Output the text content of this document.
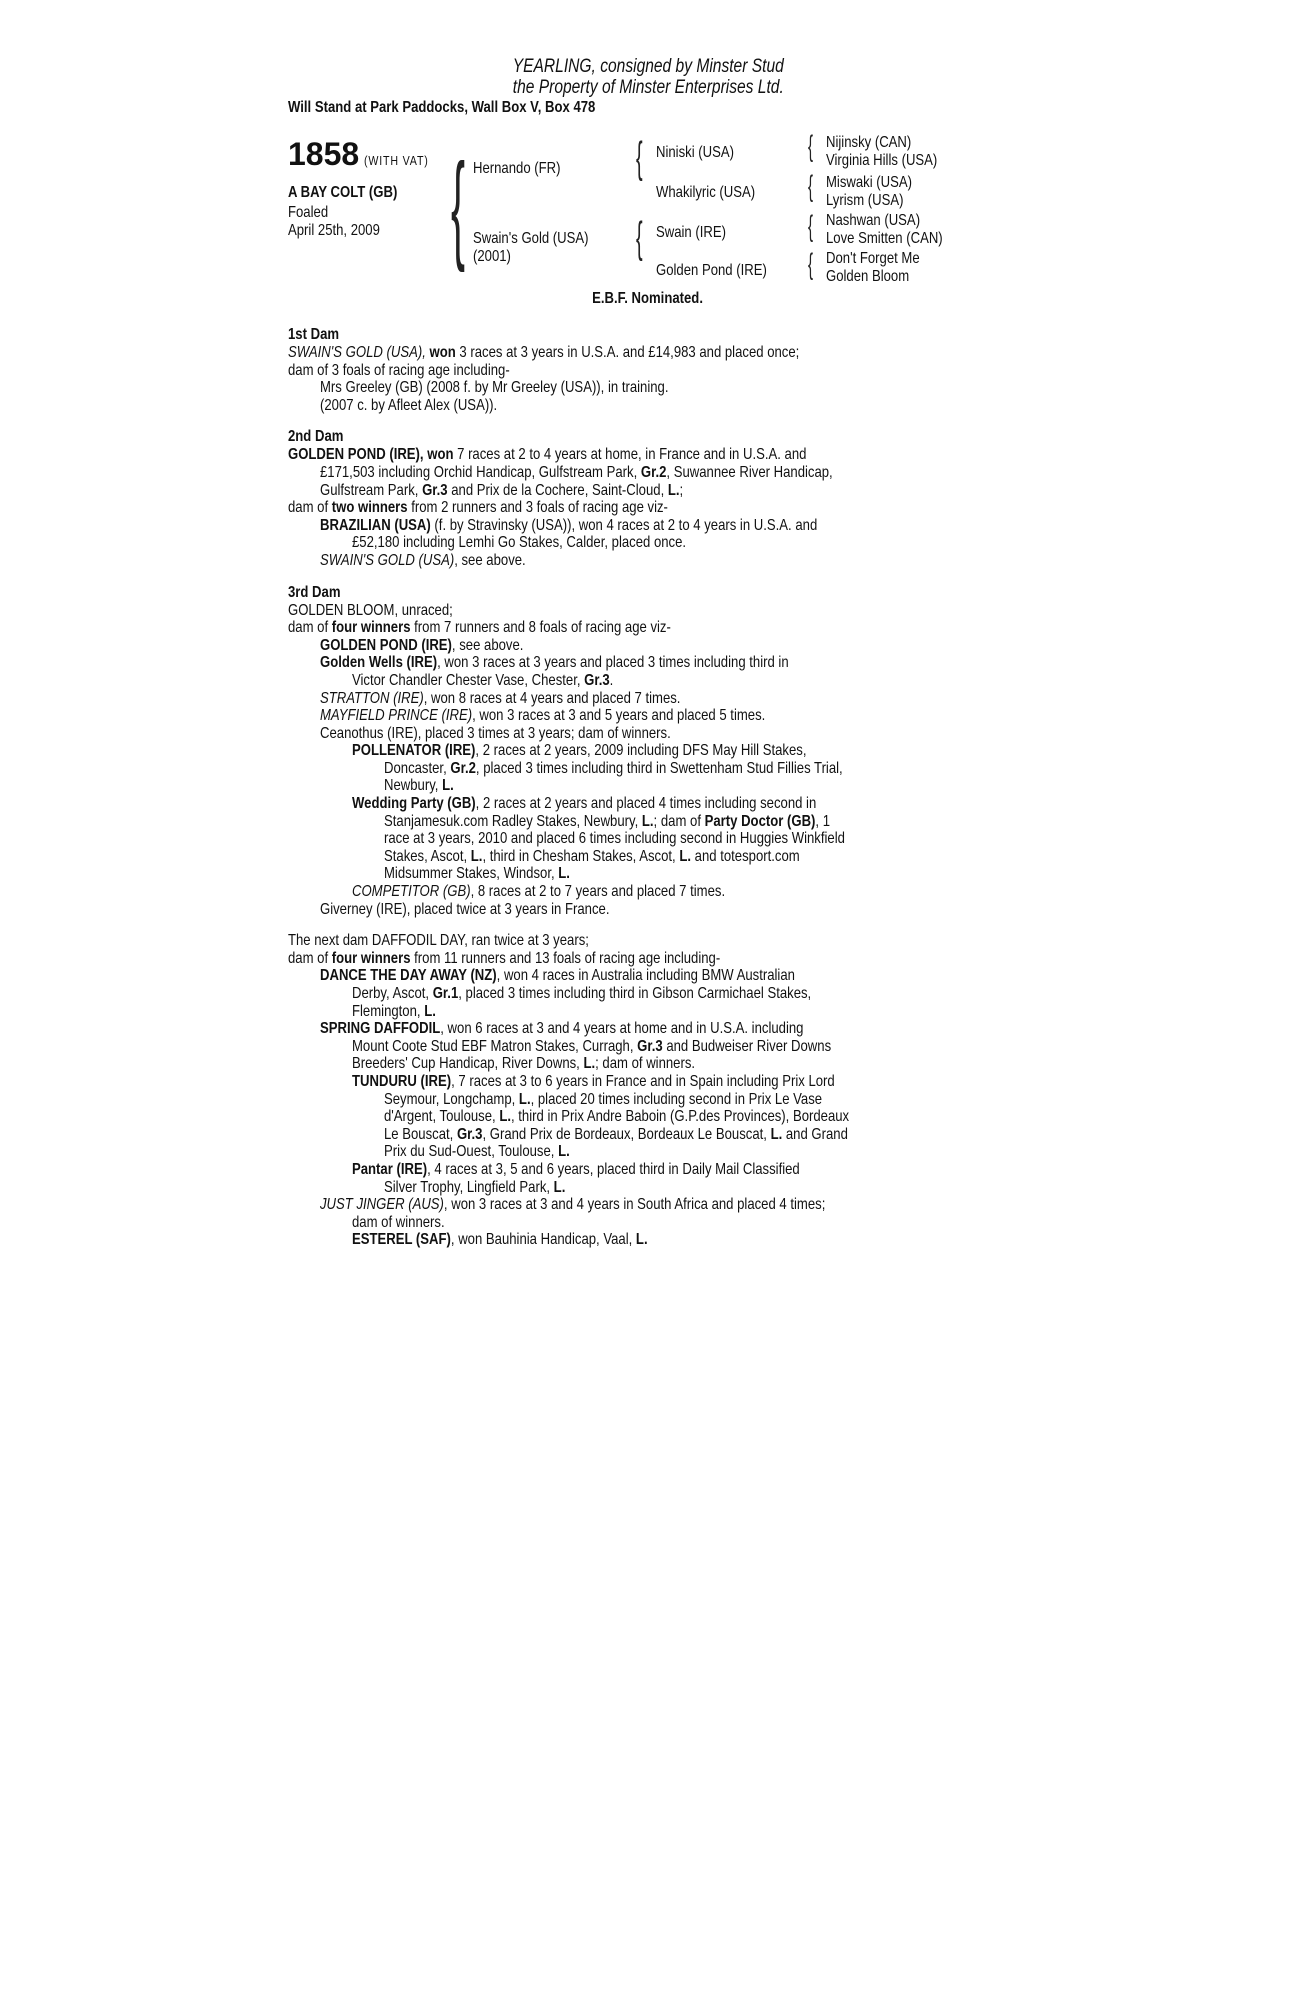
YEARLING, consigned by Minster Stud
the Property of Minster Enterprises Ltd.
Will Stand at Park Paddocks, Wall Box V, Box 478
1858 (WITH VAT)
A BAY COLT (GB)
Foaled
April 25th, 2009 { Hernando (FR)
Swain's Gold (USA)
(2001)
{
{
Niniski (USA)
Whakilyric (USA)
Swain (IRE)
Golden Pond (IRE)
{
{
{
{
Nijinsky (CAN)
Virginia Hills (USA)
Miswaki (USA)
Lyrism (USA)
Nashwan (USA)
Love Smitten (CAN)
Don't Forget Me
Golden Bloom
E.B.F. Nominated.
1st Dam
SWAIN'S GOLD (USA), won 3 races at 3 years in U.S.A. and £14,983 and placed once;
dam of 3 foals of racing age including-
Mrs Greeley (GB) (2008 f. by Mr Greeley (USA)), in training.
(2007 c. by Afleet Alex (USA)).
2nd Dam
GOLDEN POND (IRE), won 7 races at 2 to 4 years at home, in France and in U.S.A. and
£171,503 including Orchid Handicap, Gulfstream Park, Gr.2, Suwannee River Handicap,
Gulfstream Park, Gr.3 and Prix de la Cochere, Saint-Cloud, L.;
dam of two winners from 2 runners and 3 foals of racing age viz-
BRAZILIAN (USA) (f. by Stravinsky (USA)), won 4 races at 2 to 4 years in U.S.A. and
£52,180 including Lemhi Go Stakes, Calder, placed once.
SWAIN'S GOLD (USA), see above.
3rd Dam
GOLDEN BLOOM, unraced;
dam of four winners from 7 runners and 8 foals of racing age viz-
GOLDEN POND (IRE), see above.
Golden Wells (IRE), won 3 races at 3 years and placed 3 times including third in
Victor Chandler Chester Vase, Chester, Gr.3.
STRATTON (IRE), won 8 races at 4 years and placed 7 times.
MAYFIELD PRINCE (IRE), won 3 races at 3 and 5 years and placed 5 times.
Ceanothus (IRE), placed 3 times at 3 years; dam of winners.
POLLENATOR (IRE), 2 races at 2 years, 2009 including DFS May Hill Stakes,
Doncaster, Gr.2, placed 3 times including third in Swettenham Stud Fillies Trial,
Newbury, L.
Wedding Party (GB), 2 races at 2 years and placed 4 times including second in
Stanjamesuk.com Radley Stakes, Newbury, L.; dam of Party Doctor (GB), 1
race at 3 years, 2010 and placed 6 times including second in Huggies Winkfield
Stakes, Ascot, L., third in Chesham Stakes, Ascot, L. and totesport.com
Midsummer Stakes, Windsor, L.
COMPETITOR (GB), 8 races at 2 to 7 years and placed 7 times.
Giverney (IRE), placed twice at 3 years in France.
The next dam DAFFODIL DAY, ran twice at 3 years;
dam of four winners from 11 runners and 13 foals of racing age including-
DANCE THE DAY AWAY (NZ), won 4 races in Australia including BMW Australian
Derby, Ascot, Gr.1, placed 3 times including third in Gibson Carmichael Stakes,
Flemington, L.
SPRING DAFFODIL, won 6 races at 3 and 4 years at home and in U.S.A. including
Mount Coote Stud EBF Matron Stakes, Curragh, Gr.3 and Budweiser River Downs
Breeders' Cup Handicap, River Downs, L.; dam of winners.
TUNDURU (IRE), 7 races at 3 to 6 years in France and in Spain including Prix Lord
Seymour, Longchamp, L., placed 20 times including second in Prix Le Vase
d'Argent, Toulouse, L., third in Prix Andre Baboin (G.P.des Provinces), Bordeaux
Le Bouscat, Gr.3, Grand Prix de Bordeaux, Bordeaux Le Bouscat, L. and Grand
Prix du Sud-Ouest, Toulouse, L.
Pantar (IRE), 4 races at 3, 5 and 6 years, placed third in Daily Mail Classified
Silver Trophy, Lingfield Park, L.
JUST JINGER (AUS), won 3 races at 3 and 4 years in South Africa and placed 4 times;
dam of winners.
ESTEREL (SAF), won Bauhinia Handicap, Vaal, L.
